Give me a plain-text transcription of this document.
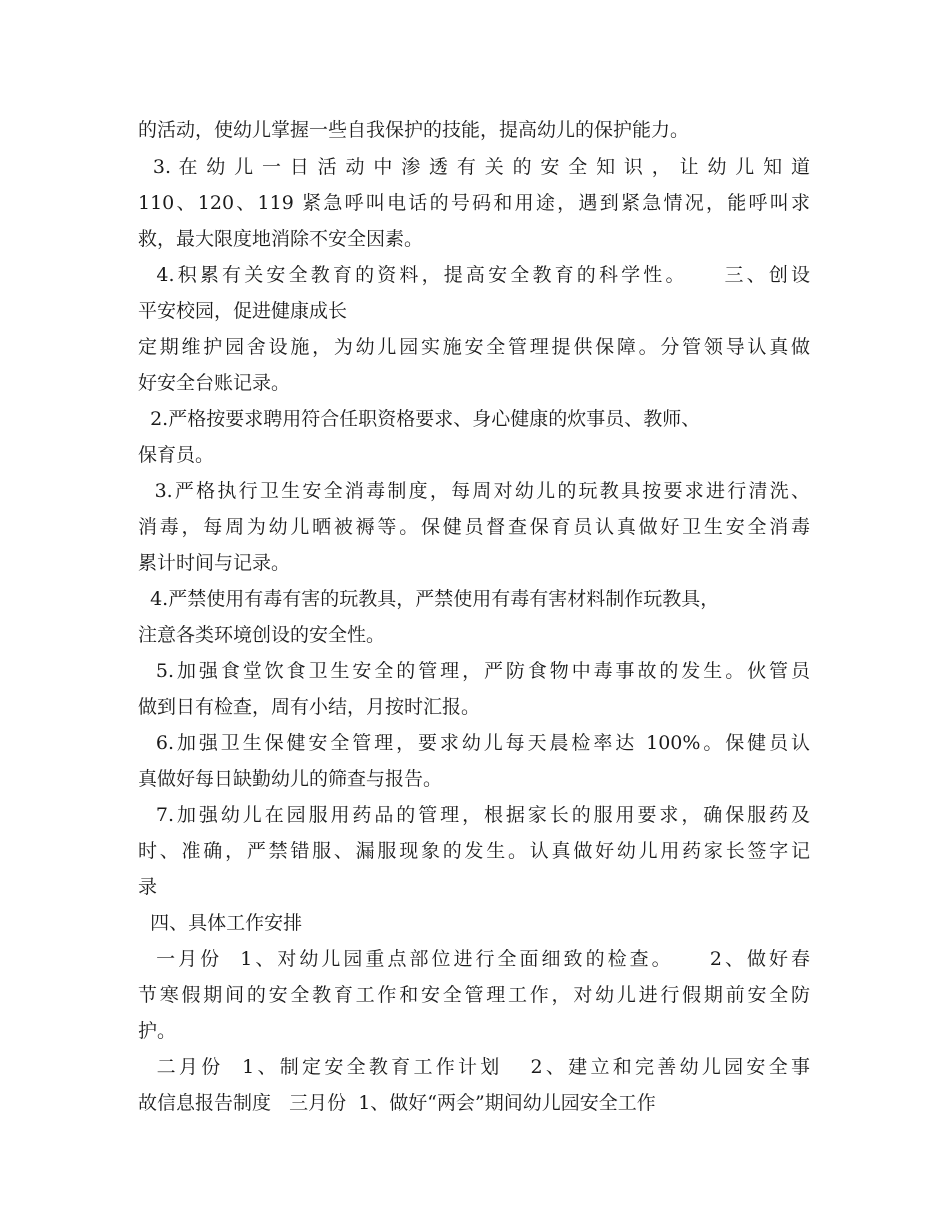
的活动，使幼儿掌握一些自我保护的技能，提高幼儿的保护能力。

3. 在 幼 儿 一 日 活 动 中 渗 透 有 关 的 安 全 知 识 ， 让 幼 儿 知 道

110、120、119 紧急呼叫电话的号码和用途，遇到紧急情况，能呼叫求

救，最大限度地消除不安全因素。

4.积累有关安全教育的资料，提高安全教育的科学性。    三、创设

平安校园，促进健康成长

定期维护园舍设施，为幼儿园实施安全管理提供保障。分管领导认真做

好安全台账记录。

2.严格按要求聘用符合任职资格要求、身心健康的炊事员、教师、

保育员。

3.严格执行卫生安全消毒制度，每周对幼儿的玩教具按要求进行清洗、

消毒，每周为幼儿晒被褥等。保健员督查保育员认真做好卫生安全消毒

累计时间与记录。

4.严禁使用有毒有害的玩教具，严禁使用有毒有害材料制作玩教具，

注意各类环境创设的安全性。

5.加强食堂饮食卫生安全的管理，严防食物中毒事故的发生。伙管员

做到日有检查，周有小结，月按时汇报。

6.加强卫生保健安全管理，要求幼儿每天晨检率达 100%。保健员认

真做好每日缺勤幼儿的筛查与报告。

7.加强幼儿在园服用药品的管理，根据家长的服用要求，确保服药及

时、准确，严禁错服、漏服现象的发生。认真做好幼儿用药家长签字记

录

四、具体工作安排

一月份  1、对幼儿园重点部位进行全面细致的检查。    2、做好春

节寒假期间的安全教育工作和安全管理工作，对幼儿进行假期前安全防

护。

二月份  1、制定安全教育工作计划   2、建立和完善幼儿园安全事

故信息报告制度   三月份  1、做好“两会”期间幼儿园安全工作
